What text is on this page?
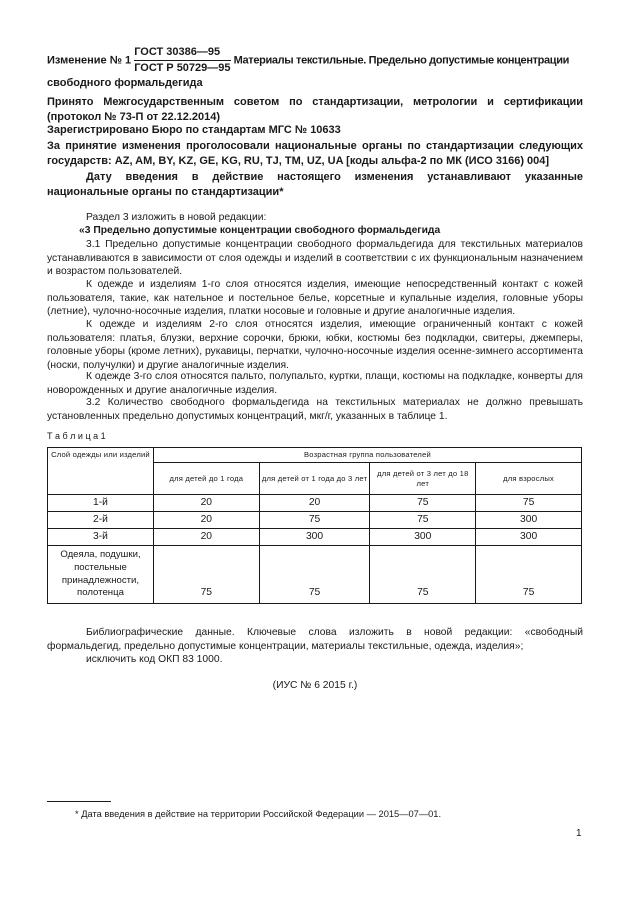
Изменение № $1 \frac{\text{ГОСТ 30386—95}}{\text{ГОСТ Р 50729—95}}$ Материалы текстильные. Предельно допустимые концентрации
свободного формальдегида
Принято Межгосударственным советом по стандартизации, метрологии и сертификации (протокол № 73-П от 22.12.2014)
Зарегистрировано Бюро по стандартам МГС № 10633
За принятие изменения проголосовали национальные органы по стандартизации следующих государств: AZ, AM, BY, KZ, GE, KG, RU, TJ, TM, UZ, UA [коды альфа-2 по МК (ИСО 3166) 004]
Дату введения в действие настоящего изменения устанавливают указанные национальные органы по стандартизации*
Раздел 3 изложить в новой редакции:
«3 Предельно допустимые концентрации свободного формальдегида
3.1 Предельно допустимые концентрации свободного формальдегида для текстильных материалов устанавливаются в зависимости от слоя одежды и изделий в соответствии с их функциональным назначением и возрастом пользователей.
К одежде и изделиям 1-го слоя относятся изделия, имеющие непосредственный контакт с кожей пользователя, такие, как нательное и постельное белье, корсетные и купальные изделия, головные уборы (летние), чулочно-носочные изделия, платки носовые и головные и другие аналогичные изделия.
К одежде и изделиям 2-го слоя относятся изделия, имеющие ограниченный контакт с кожей пользователя: платья, блузки, верхние сорочки, брюки, юбки, костюмы без подкладки, свитеры, джемперы, головные уборы (кроме летних), рукавицы, перчатки, чулочно-носочные изделия осенне-зимнего ассортимента (носки, получулки) и другие аналогичные изделия.
К одежде 3-го слоя относятся пальто, полупальто, куртки, плащи, костюмы на подкладке, конверты для новорожденных и другие аналогичные изделия.
3.2 Количество свободного формальдегида на текстильных материалах не должно превышать установленных предельно допустимых концентраций, мкг/г, указанных в таблице 1.
Т а б л и ц а 1
Слой одежды или изделий	Возрастная группа пользователей			
	для детей до 1 года	для детей от 1 года до 3 лет	для детей от 3 лет до 18 лет	для взрослых
1-й	20	20	75	75
2-й	20	75	75	300
3-й	20	300	300	300
Одеяла, подушки, постельные принадлежности, полотенца	75	75	75	75
Библиографические данные. Ключевые слова изложить в новой редакции: «свободный формальдегид, предельно допустимые концентрации, материалы текстильные, одежда, изделия»;
исключить код ОКП 83 1000.
(ИУС № 6 2015 г.)
* Дата введения в действие на территории Российской Федерации — 2015—07—01.
1
